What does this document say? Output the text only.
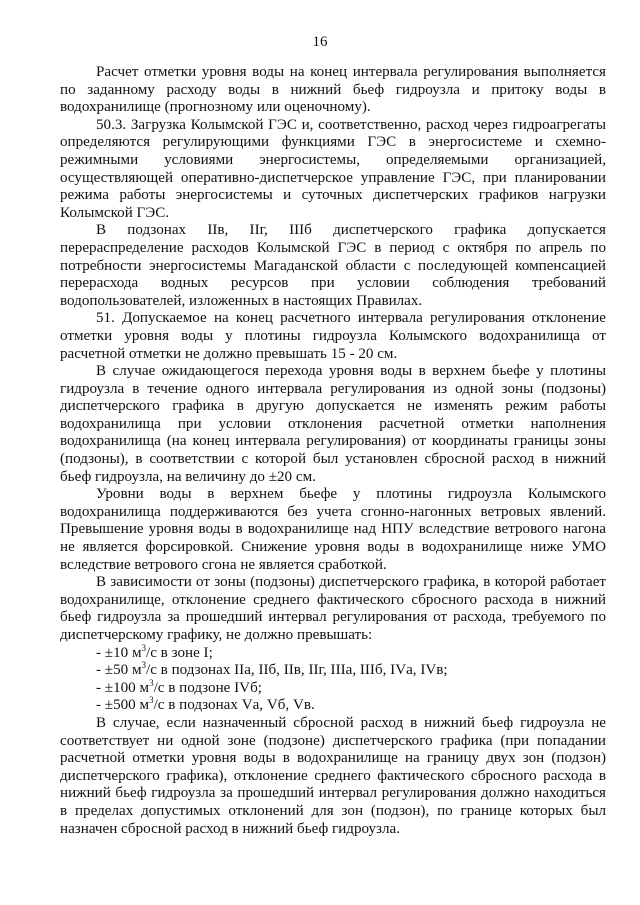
16

Расчет отметки уровня воды на конец интервала регулирования выполняется по заданному расходу воды в нижний бьеф гидроузла и притоку воды в водохранилище (прогнозному или оценочному).

50.3. Загрузка Колымской ГЭС и, соответственно, расход через гидроагрегаты определяются регулирующими функциями ГЭС в энергосистеме и схемно-режимными условиями энергосистемы, определяемыми организацией, осуществляющей оперативно-диспетчерское управление ГЭС, при планировании режима работы энергосистемы и суточных диспетчерских графиков нагрузки Колымской ГЭС.

В подзонах IIв, IIг, IIIб диспетчерского графика допускается перераспределение расходов Колымской ГЭС в период с октября по апрель по потребности энергосистемы Магаданской области с последующей компенсацией перерасхода водных ресурсов при условии соблюдения требований водопользователей, изложенных в настоящих Правилах.

51. Допускаемое на конец расчетного интервала регулирования отклонение отметки уровня воды у плотины гидроузла Колымского водохранилища от расчетной отметки не должно превышать 15 - 20 см.

В случае ожидающегося перехода уровня воды в верхнем бьефе у плотины гидроузла в течение одного интервала регулирования из одной зоны (подзоны) диспетчерского графика в другую допускается не изменять режим работы водохранилища при условии отклонения расчетной отметки наполнения водохранилища (на конец интервала регулирования) от координаты границы зоны (подзоны), в соответствии с которой был установлен сбросной расход в нижний бьеф гидроузла, на величину до ±20 см.

Уровни воды в верхнем бьефе у плотины гидроузла Колымского водохранилища поддерживаются без учета сгонно-нагонных ветровых явлений. Превышение уровня воды в водохранилище над НПУ вследствие ветрового нагона не является форсировкой. Снижение уровня воды в водохранилище ниже УМО вследствие ветрового сгона не является сработкой.

В зависимости от зоны (подзоны) диспетчерского графика, в которой работает водохранилище, отклонение среднего фактического сбросного расхода в нижний бьеф гидроузла за прошедший интервал регулирования от расхода, требуемого по диспетчерскому графику, не должно превышать:

- ±10 $м^3/с$ в зоне I;
- ±50 $м^3/с$ в подзонах IIа, IIб, IIв, IIг, IIIа, IIIб, IVа, IVв;
- ±100 $м^3/с$ в подзоне IVб;
- ±500 $м^3/с$ в подзонах Vа, Vб, Vв.

В случае, если назначенный сбросной расход в нижний бьеф гидроузла не соответствует ни одной зоне (подзоне) диспетчерского графика (при попадании расчетной отметки уровня воды в водохранилище на границу двух зон (подзон) диспетчерского графика), отклонение среднего фактического сбросного расхода в нижний бьеф гидроузла за прошедший интервал регулирования должно находиться в пределах допустимых отклонений для зон (подзон), по границе которых был назначен сбросной расход в нижний бьеф гидроузла.
